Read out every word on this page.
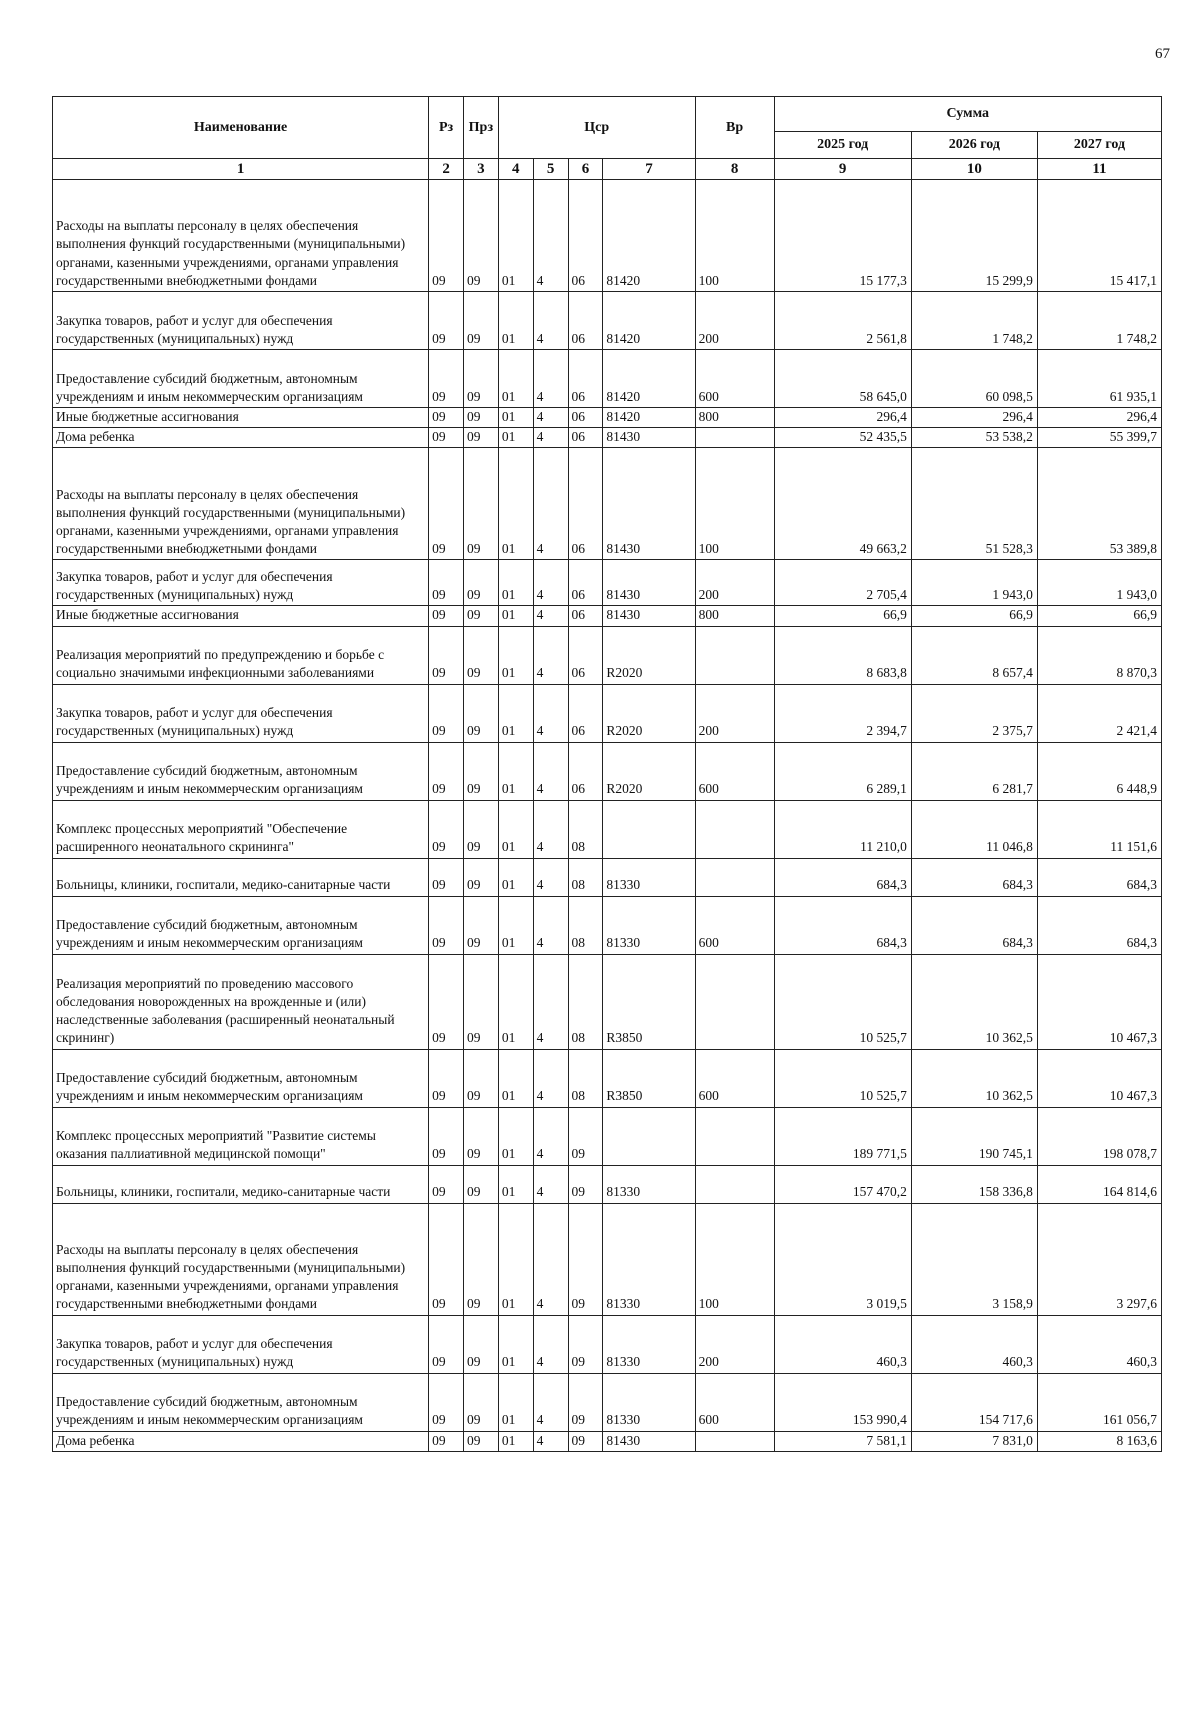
67
Наименование	Рз	Прз	Цср				Вр	Сумма		
								2025 год	2026 год	2027 год
1	2	3	4	5	6	7	8	9	10	11
Расходы на выплаты персоналу в целях обеспечения выполнения функций государственными (муниципальными) органами, казенными учреждениями, органами управления государственными внебюджетными фондами	09	09	01	4	06	81420	100	15 177,3	15 299,9	15 417,1
Закупка товаров, работ и услуг для обеспечения государственных (муниципальных) нужд	09	09	01	4	06	81420	200	2 561,8	1 748,2	1 748,2
Предоставление субсидий бюджетным, автономным учреждениям и иным некоммерческим организациям	09	09	01	4	06	81420	600	58 645,0	60 098,5	61 935,1
Иные бюджетные ассигнования	09	09	01	4	06	81420	800	296,4	296,4	296,4
Дома ребенка	09	09	01	4	06	81430		52 435,5	53 538,2	55 399,7
Расходы на выплаты персоналу в целях обеспечения выполнения функций государственными (муниципальными) органами, казенными учреждениями, органами управления государственными внебюджетными фондами	09	09	01	4	06	81430	100	49 663,2	51 528,3	53 389,8
Закупка товаров, работ и услуг для обеспечения государственных (муниципальных) нужд	09	09	01	4	06	81430	200	2 705,4	1 943,0	1 943,0
Иные бюджетные ассигнования	09	09	01	4	06	81430	800	66,9	66,9	66,9
Реализация мероприятий по предупреждению и борьбе с социально значимыми инфекционными заболеваниями	09	09	01	4	06	R2020		8 683,8	8 657,4	8 870,3
Закупка товаров, работ и услуг для обеспечения государственных (муниципальных) нужд	09	09	01	4	06	R2020	200	2 394,7	2 375,7	2 421,4
Предоставление субсидий бюджетным, автономным учреждениям и иным некоммерческим организациям	09	09	01	4	06	R2020	600	6 289,1	6 281,7	6 448,9
Комплекс процессных мероприятий "Обеспечение расширенного неонатального скрининга"	09	09	01	4	08			11 210,0	11 046,8	11 151,6
Больницы, клиники, госпитали, медико-санитарные части	09	09	01	4	08	81330		684,3	684,3	684,3
Предоставление субсидий бюджетным, автономным учреждениям и иным некоммерческим организациям	09	09	01	4	08	81330	600	684,3	684,3	684,3
Реализация мероприятий по проведению массового обследования новорожденных на врожденные и (или) наследственные заболевания (расширенный неонатальный скрининг)	09	09	01	4	08	R3850		10 525,7	10 362,5	10 467,3
Предоставление субсидий бюджетным, автономным учреждениям и иным некоммерческим организациям	09	09	01	4	08	R3850	600	10 525,7	10 362,5	10 467,3
Комплекс процессных мероприятий "Развитие системы оказания паллиативной медицинской помощи"	09	09	01	4	09			189 771,5	190 745,1	198 078,7
Больницы, клиники, госпитали, медико-санитарные части	09	09	01	4	09	81330		157 470,2	158 336,8	164 814,6
Расходы на выплаты персоналу в целях обеспечения выполнения функций государственными (муниципальными) органами, казенными учреждениями, органами управления государственными внебюджетными фондами	09	09	01	4	09	81330	100	3 019,5	3 158,9	3 297,6
Закупка товаров, работ и услуг для обеспечения государственных (муниципальных) нужд	09	09	01	4	09	81330	200	460,3	460,3	460,3
Предоставление субсидий бюджетным, автономным учреждениям и иным некоммерческим организациям	09	09	01	4	09	81330	600	153 990,4	154 717,6	161 056,7
Дома ребенка	09	09	01	4	09	81430		7 581,1	7 831,0	8 163,6
